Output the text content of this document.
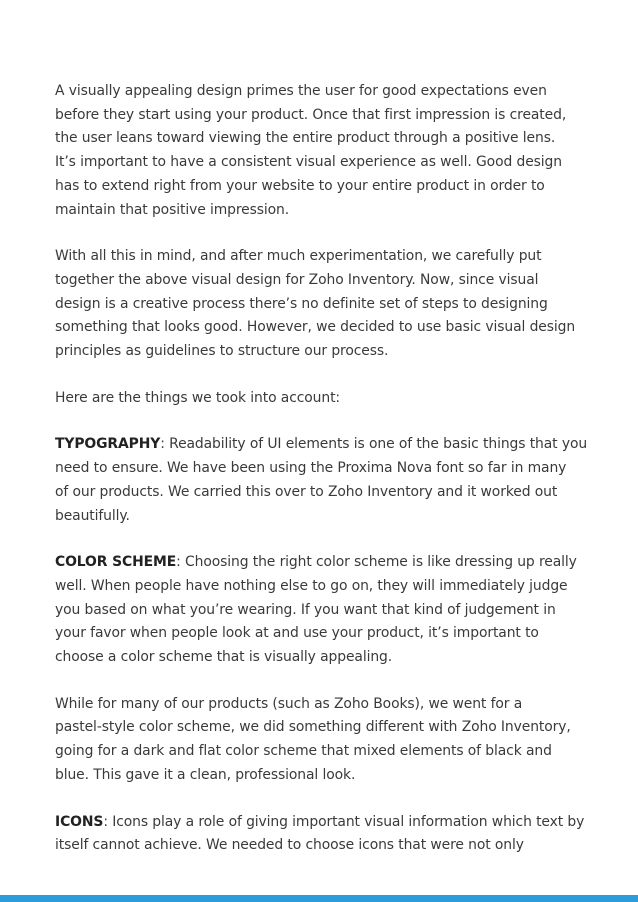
A visually appealing design primes the user for good expectations even
before they start using your product. Once that first impression is created,
the user leans toward viewing the entire product through a positive lens.
It’s important to have a consistent visual experience as well. Good design
has to extend right from your website to your entire product in order to
maintain that positive impression.

With all this in mind, and after much experimentation, we carefully put
together the above visual design for Zoho Inventory. Now, since visual
design is a creative process there’s no definite set of steps to designing
something that looks good. However, we decided to use basic visual design
principles as guidelines to structure our process.

Here are the things we took into account:

TYPOGRAPHY: Readability of UI elements is one of the basic things that you
need to ensure. We have been using the Proxima Nova font so far in many
of our products. We carried this over to Zoho Inventory and it worked out
beautifully.

COLOR SCHEME: Choosing the right color scheme is like dressing up really
well. When people have nothing else to go on, they will immediately judge
you based on what you’re wearing. If you want that kind of judgement in
your favor when people look at and use your product, it’s important to
choose a color scheme that is visually appealing.

While for many of our products (such as Zoho Books), we went for a
pastel-style color scheme, we did something different with Zoho Inventory,
going for a dark and flat color scheme that mixed elements of black and
blue. This gave it a clean, professional look.

ICONS: Icons play a role of giving important visual information which text by
itself cannot achieve. We needed to choose icons that were not only
